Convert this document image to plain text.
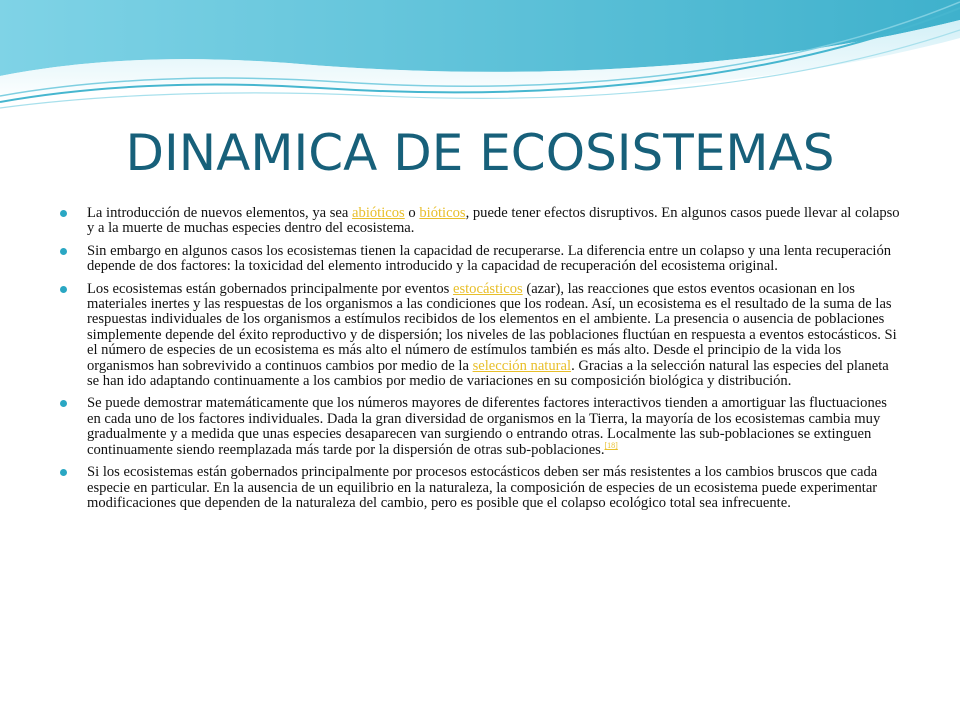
DINAMICA DE ECOSISTEMAS
La introducción de nuevos elementos, ya sea abióticos o bióticos, puede tener efectos disruptivos. En algunos casos puede llevar al colapso y a la muerte de muchas especies dentro del ecosistema.
Sin embargo en algunos casos los ecosistemas tienen la capacidad de recuperarse. La diferencia entre un colapso y una lenta recuperación depende de dos factores: la toxicidad del elemento introducido y la capacidad de recuperación del ecosistema original.
Los ecosistemas están gobernados principalmente por eventos estocásticos (azar), las reacciones que estos eventos ocasionan en los materiales inertes y las respuestas de los organismos a las condiciones que los rodean. Así, un ecosistema es el resultado de la suma de las respuestas individuales de los organismos a estímulos recibidos de los elementos en el ambiente. La presencia o ausencia de poblaciones simplemente depende del éxito reproductivo y de dispersión; los niveles de las poblaciones fluctúan en respuesta a eventos estocásticos. Si el número de especies de un ecosistema es más alto el número de estímulos también es más alto. Desde el principio de la vida los organismos han sobrevivido a continuos cambios por medio de la selección natural. Gracias a la selección natural las especies del planeta se han ido adaptando continuamente a los cambios por medio de variaciones en su composición biológica y distribución.
Se puede demostrar matemáticamente que los números mayores de diferentes factores interactivos tienden a amortiguar las fluctuaciones en cada uno de los factores individuales. Dada la gran diversidad de organismos en la Tierra, la mayoría de los ecosistemas cambia muy gradualmente y a medida que unas especies desaparecen van surgiendo o entrando otras. Localmente las sub-poblaciones se extinguen continuamente siendo reemplazada más tarde por la dispersión de otras sub-poblaciones.[18]
Si los ecosistemas están gobernados principalmente por procesos estocásticos deben ser más resistentes a los cambios bruscos que cada especie en particular. En la ausencia de un equilibrio en la naturaleza, la composición de especies de un ecosistema puede experimentar modificaciones que dependen de la naturaleza del cambio, pero es posible que el colapso ecológico total sea infrecuente.
